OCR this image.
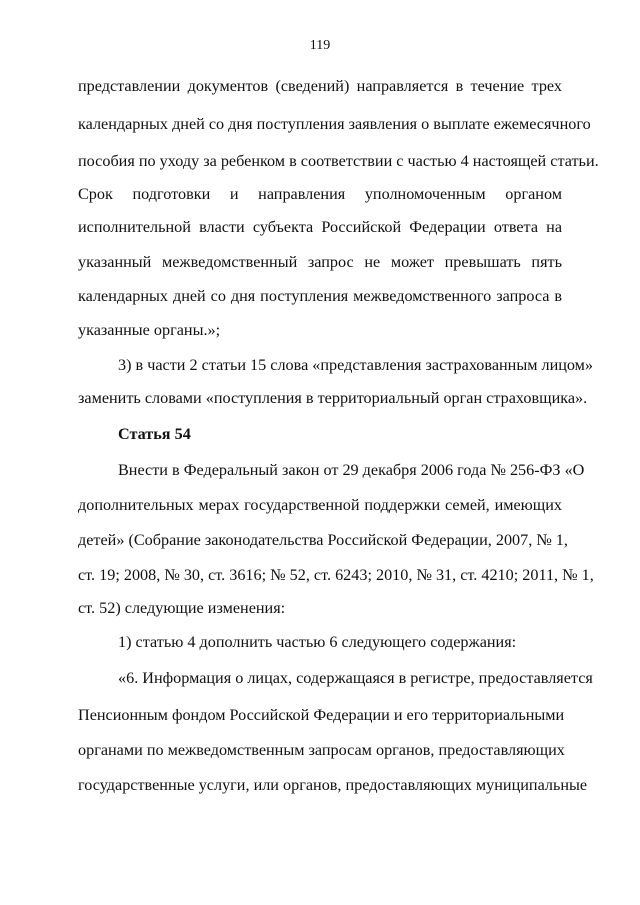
119
представлении документов (сведений) направляется в течение трех
календарных дней со дня поступления заявления о выплате ежемесячного
пособия по уходу за ребенком в соответствии с частью 4 настоящей статьи.
Срок подготовки и направления уполномоченным органом
исполнительной власти субъекта Российской Федерации ответа на
указанный межведомственный запрос не может превышать пять
календарных дней со дня поступления межведомственного запроса в
указанные органы.»;
3) в части 2 статьи 15 слова «представления застрахованным лицом»
заменить словами «поступления в территориальный орган страховщика».
Статья 54
Внести в Федеральный закон от 29 декабря 2006 года № 256-ФЗ «О
дополнительных мерах государственной поддержки семей, имеющих
детей» (Собрание законодательства Российской Федерации, 2007, № 1,
ст. 19; 2008, № 30, ст. 3616; № 52, ст. 6243; 2010, № 31, ст. 4210; 2011, № 1,
ст. 52) следующие изменения:
1) статью 4 дополнить частью 6 следующего содержания:
«6. Информация о лицах, содержащаяся в регистре, предоставляется
Пенсионным фондом Российской Федерации и его территориальными
органами по межведомственным запросам органов, предоставляющих
государственные услуги, или органов, предоставляющих муниципальные
